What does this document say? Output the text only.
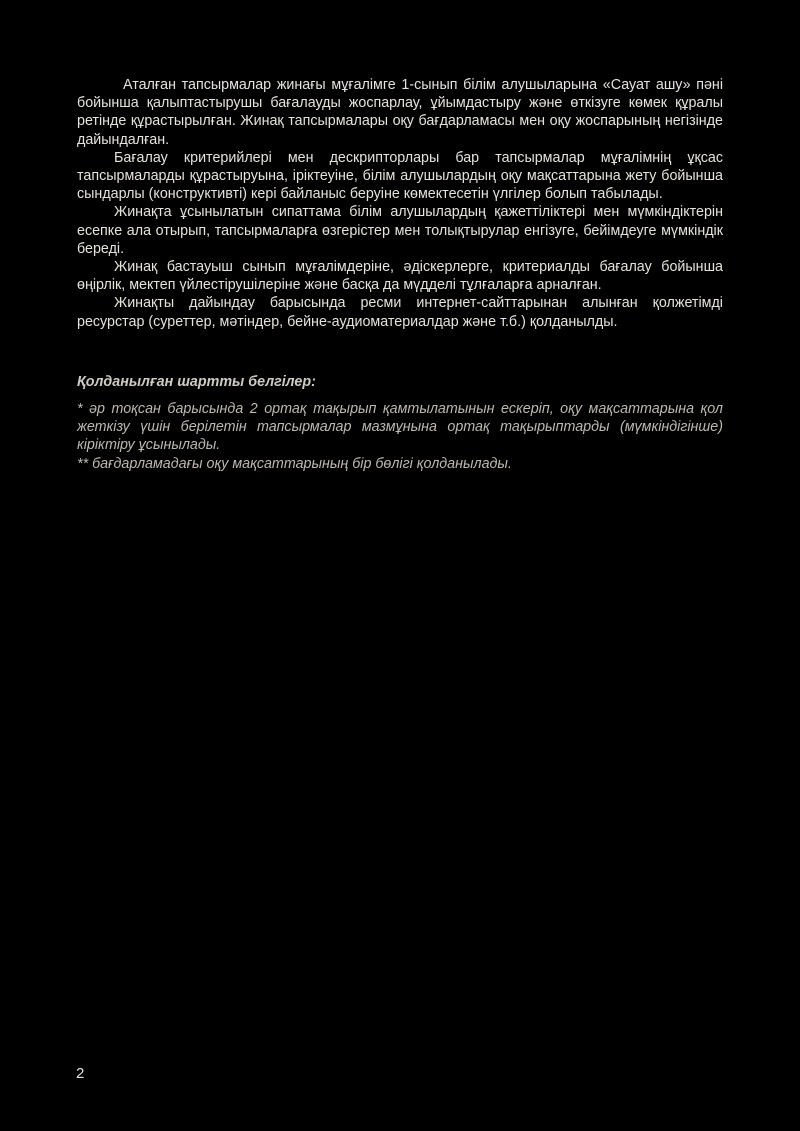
Аталған тапсырмалар жинағы мұғалімге 1-сынып білім алушыларына «Сауат ашу» пәні бойынша қалыптастырушы бағалауды жоспарлау, ұйымдастыру және өткізуге көмек құралы ретінде құрастырылған. Жинақ тапсырмалары оқу бағдарламасы мен оқу жоспарының негізінде дайындалған.

Бағалау критерийлері мен дескрипторлары бар тапсырмалар мұғалімнің ұқсас тапсырмаларды құрастыруына, іріктеуіне, білім алушылардың оқу мақсаттарына жету бойынша сындарлы (конструктивті) кері байланыс беруіне көмектесетін үлгілер болып табылады.

Жинақта ұсынылатын сипаттама білім алушылардың қажеттіліктері мен мүмкіндіктерін есепке ала отырып, тапсырмаларға өзгерістер мен толықтырулар енгізуге, бейімдеуге мүмкіндік береді.

Жинақ бастауыш сынып мұғалімдеріне, әдіскерлерге, критериалды бағалау бойынша өңірлік, мектеп үйлестірушілеріне және басқа да мүдделі тұлғаларға арналған.

Жинақты дайындау барысында ресми интернет-сайттарынан алынған қолжетімді ресурстар (суреттер, мәтіндер, бейне-аудиоматериалдар және т.б.) қолданылды.

Қолданылған шартты белгілер:

* әр тоқсан барысында 2 ортақ тақырып қамтылатынын ескеріп, оқу мақсаттарына қол жеткізу үшін берілетін тапсырмалар мазмұнына ортақ тақырыптарды (мүмкіндігінше) кіріктіру ұсынылады.

** бағдарламадағы оқу мақсаттарының бір бөлігі қолданылады.

2
